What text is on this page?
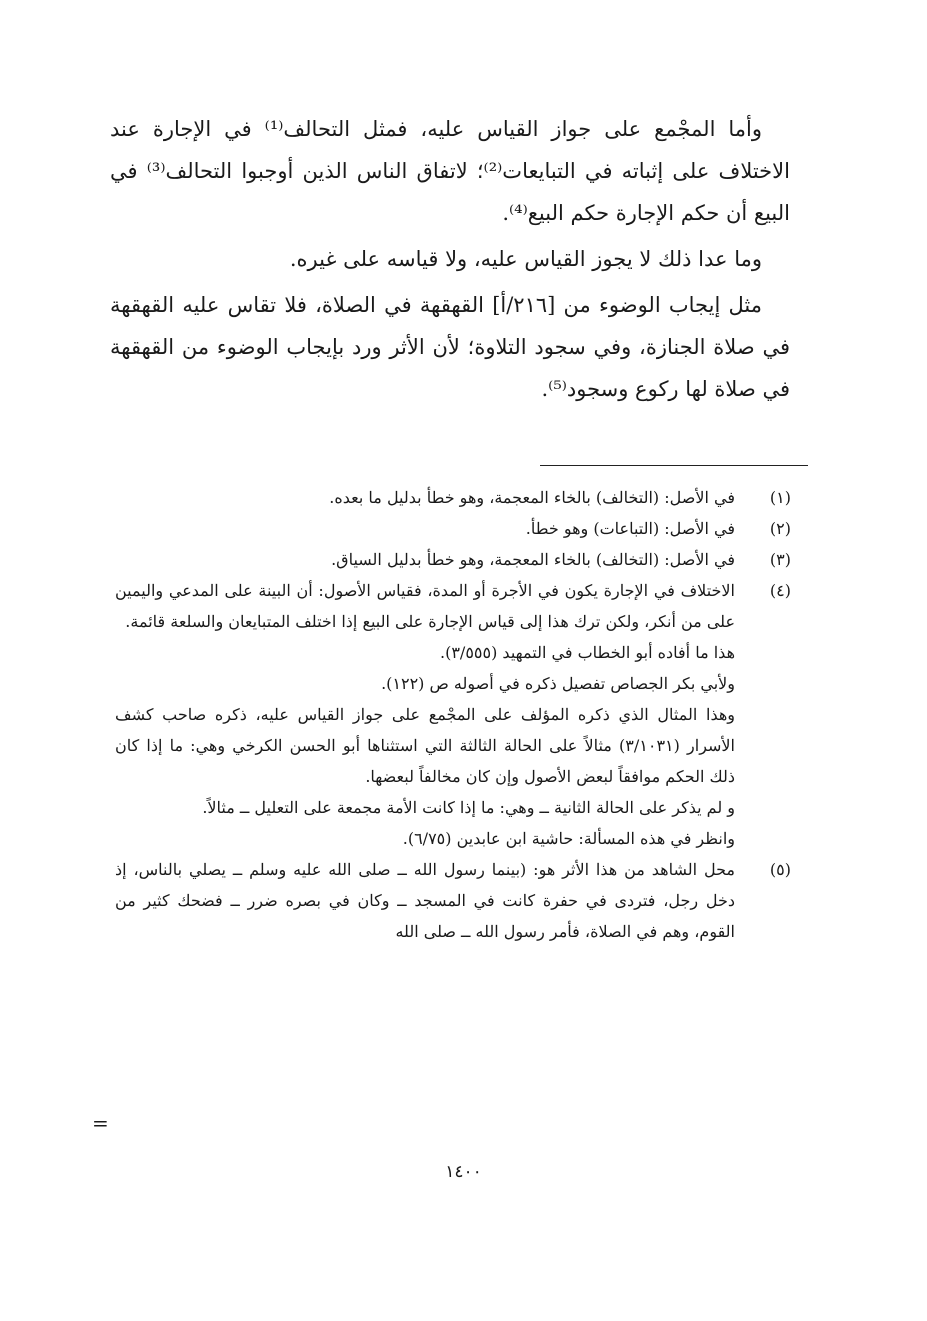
وأما المجْمع على جواز القياس عليه، فمثل التحالف⁽¹⁾ في الإجارة عند الاختلاف على إثباته في التبايعات⁽²⁾؛ لاتفاق الناس الذين أوجبوا التحالف⁽³⁾ في البيع أن حكم الإجارة حكم البيع⁽⁴⁾.

وما عدا ذلك لا يجوز القياس عليه، ولا قياسه على غيره.

مثل إيجاب الوضوء من [٢١٦/أ] القهقهة في الصلاة، فلا تقاس عليه القهقهة في صلاة الجنازة، وفي سجود التلاوة؛ لأن الأثر ورد بإيجاب الوضوء من القهقهة في صلاة لها ركوع وسجود⁽⁵⁾.

(١)

في الأصل: (التخالف) بالخاء المعجمة، وهو خطأ بدليل ما بعده.

(٢)

في الأصل: (التباعات) وهو خطأ.

(٣)

في الأصل: (التخالف) بالخاء المعجمة، وهو خطأ بدليل السياق.

(٤)

الاختلاف في الإجارة يكون في الأجرة أو المدة، فقياس الأصول: أن البينة على المدعي واليمين على من أنكر، ولكن ترك هذا إلى قياس الإجارة على البيع إذا اختلف المتبايعان والسلعة قائمة.

هذا ما أفاده أبو الخطاب في التمهيد (٣/٥٥٥).

ولأبي بكر الجصاص تفصيل ذكره في أصوله ص (١٢٢).

وهذا المثال الذي ذكره المؤلف على المجْمع على جواز القياس عليه، ذكره صاحب كشف الأسرار (٣/١٠٣١) مثالاً على الحالة الثالثة التي استثناها أبو الحسن الكرخي وهي: ما إذا كان ذلك الحكم موافقاً لبعض الأصول وإن كان مخالفاً لبعضها.

و لم يذكر على الحالة الثانية ــ وهي: ما إذا كانت الأمة مجمعة على التعليل ــ مثالاً.

وانظر في هذه المسألة: حاشية ابن عابدين (٦/٧٥).

(٥)

محل الشاهد من هذا الأثر هو: (بينما رسول الله ــ صلى الله عليه وسلم ــ يصلي بالناس، إذ دخل رجل، فتردى في حفرة كانت في المسجد ــ وكان في بصره ضرر ــ فضحك كثير من القوم، وهم في الصلاة، فأمر رسول الله ــ صلى الله

=
١٤٠٠
